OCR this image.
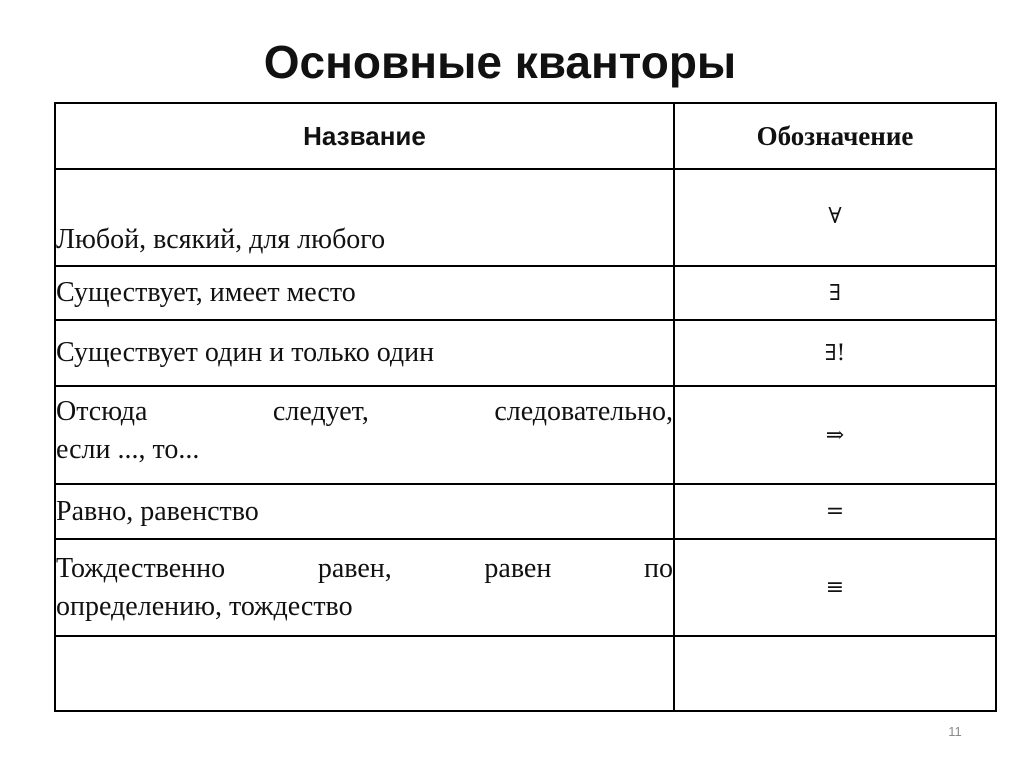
Основные кванторы
Название	Обозначение
Любой, всякий, для любого	∀
Существует, имеет место	∃
Существует один и только один	∃!

Отсюда следует, следовательно,
если ..., то...	⇒
Равно, равенство	=

Тождественно равен, равен по
определению, тождество	≡

11
